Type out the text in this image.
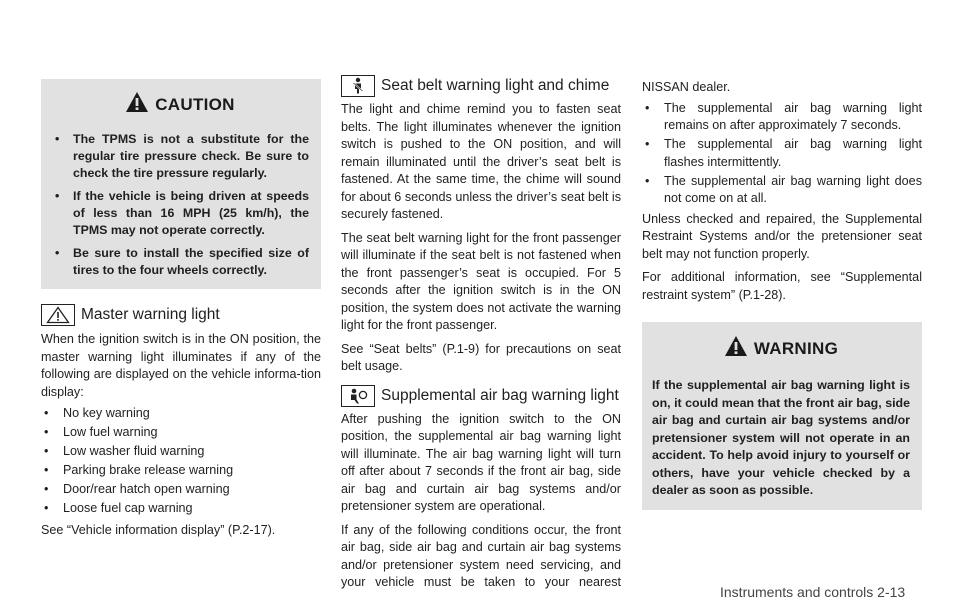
CAUTION
• The TPMS is not a substitute for the regular tire pressure check. Be sure to check the tire pressure regularly.
• If the vehicle is being driven at speeds of less than 16 MPH (25 km/h), the TPMS may not operate correctly.
• Be sure to install the specified size of tires to the four wheels correctly.
Master warning light

When the ignition switch is in the ON position, the master warning light illuminates if any of the following are displayed on the vehicle informa-tion display:

• No key warning
• Low fuel warning
• Low washer fluid warning
• Parking brake release warning
• Door/rear hatch open warning
• Loose fuel cap warning

See “Vehicle information display” (P.2-17).

Seat belt warning light and chime

The light and chime remind you to fasten seat belts. The light illuminates whenever the ignition switch is pushed to the ON position, and will remain illuminated until the driver’s seat belt is fastened. At the same time, the chime will sound for about 6 seconds unless the driver’s seat belt is securely fastened.

The seat belt warning light for the front passenger will illuminate if the seat belt is not fastened when the front passenger’s seat is occupied. For 5 seconds after the ignition switch is in the ON position, the system does not activate the warning light for the front passenger.

See “Seat belts” (P.1-9) for precautions on seat belt usage.

Supplemental air bag warning light

After pushing the ignition switch to the ON position, the supplemental air bag warning light will illuminate. The air bag warning light will turn off after about 7 seconds if the front air bag, side air bag and curtain air bag systems and/or pretensioner system are operational.

If any of the following conditions occur, the front air bag, side air bag and curtain air bag systems and/or pretensioner system need servicing, and your vehicle must be taken to your nearest

NISSAN dealer.

• The supplemental air bag warning light remains on after approximately 7 seconds.
• The supplemental air bag warning light flashes intermittently.
• The supplemental air bag warning light does not come on at all.

Unless checked and repaired, the Supplemental Restraint Systems and/or the pretensioner seat belt may not function properly.

For additional information, see “Supplemental restraint system” (P.1-28).

WARNING
If the supplemental air bag warning light is on, it could mean that the front air bag, side air bag and curtain air bag systems and/or pretensioner system will not operate in an accident. To help avoid injury to yourself or others, have your vehicle checked by a dealer as soon as possible.
Instruments and controls 2-13
